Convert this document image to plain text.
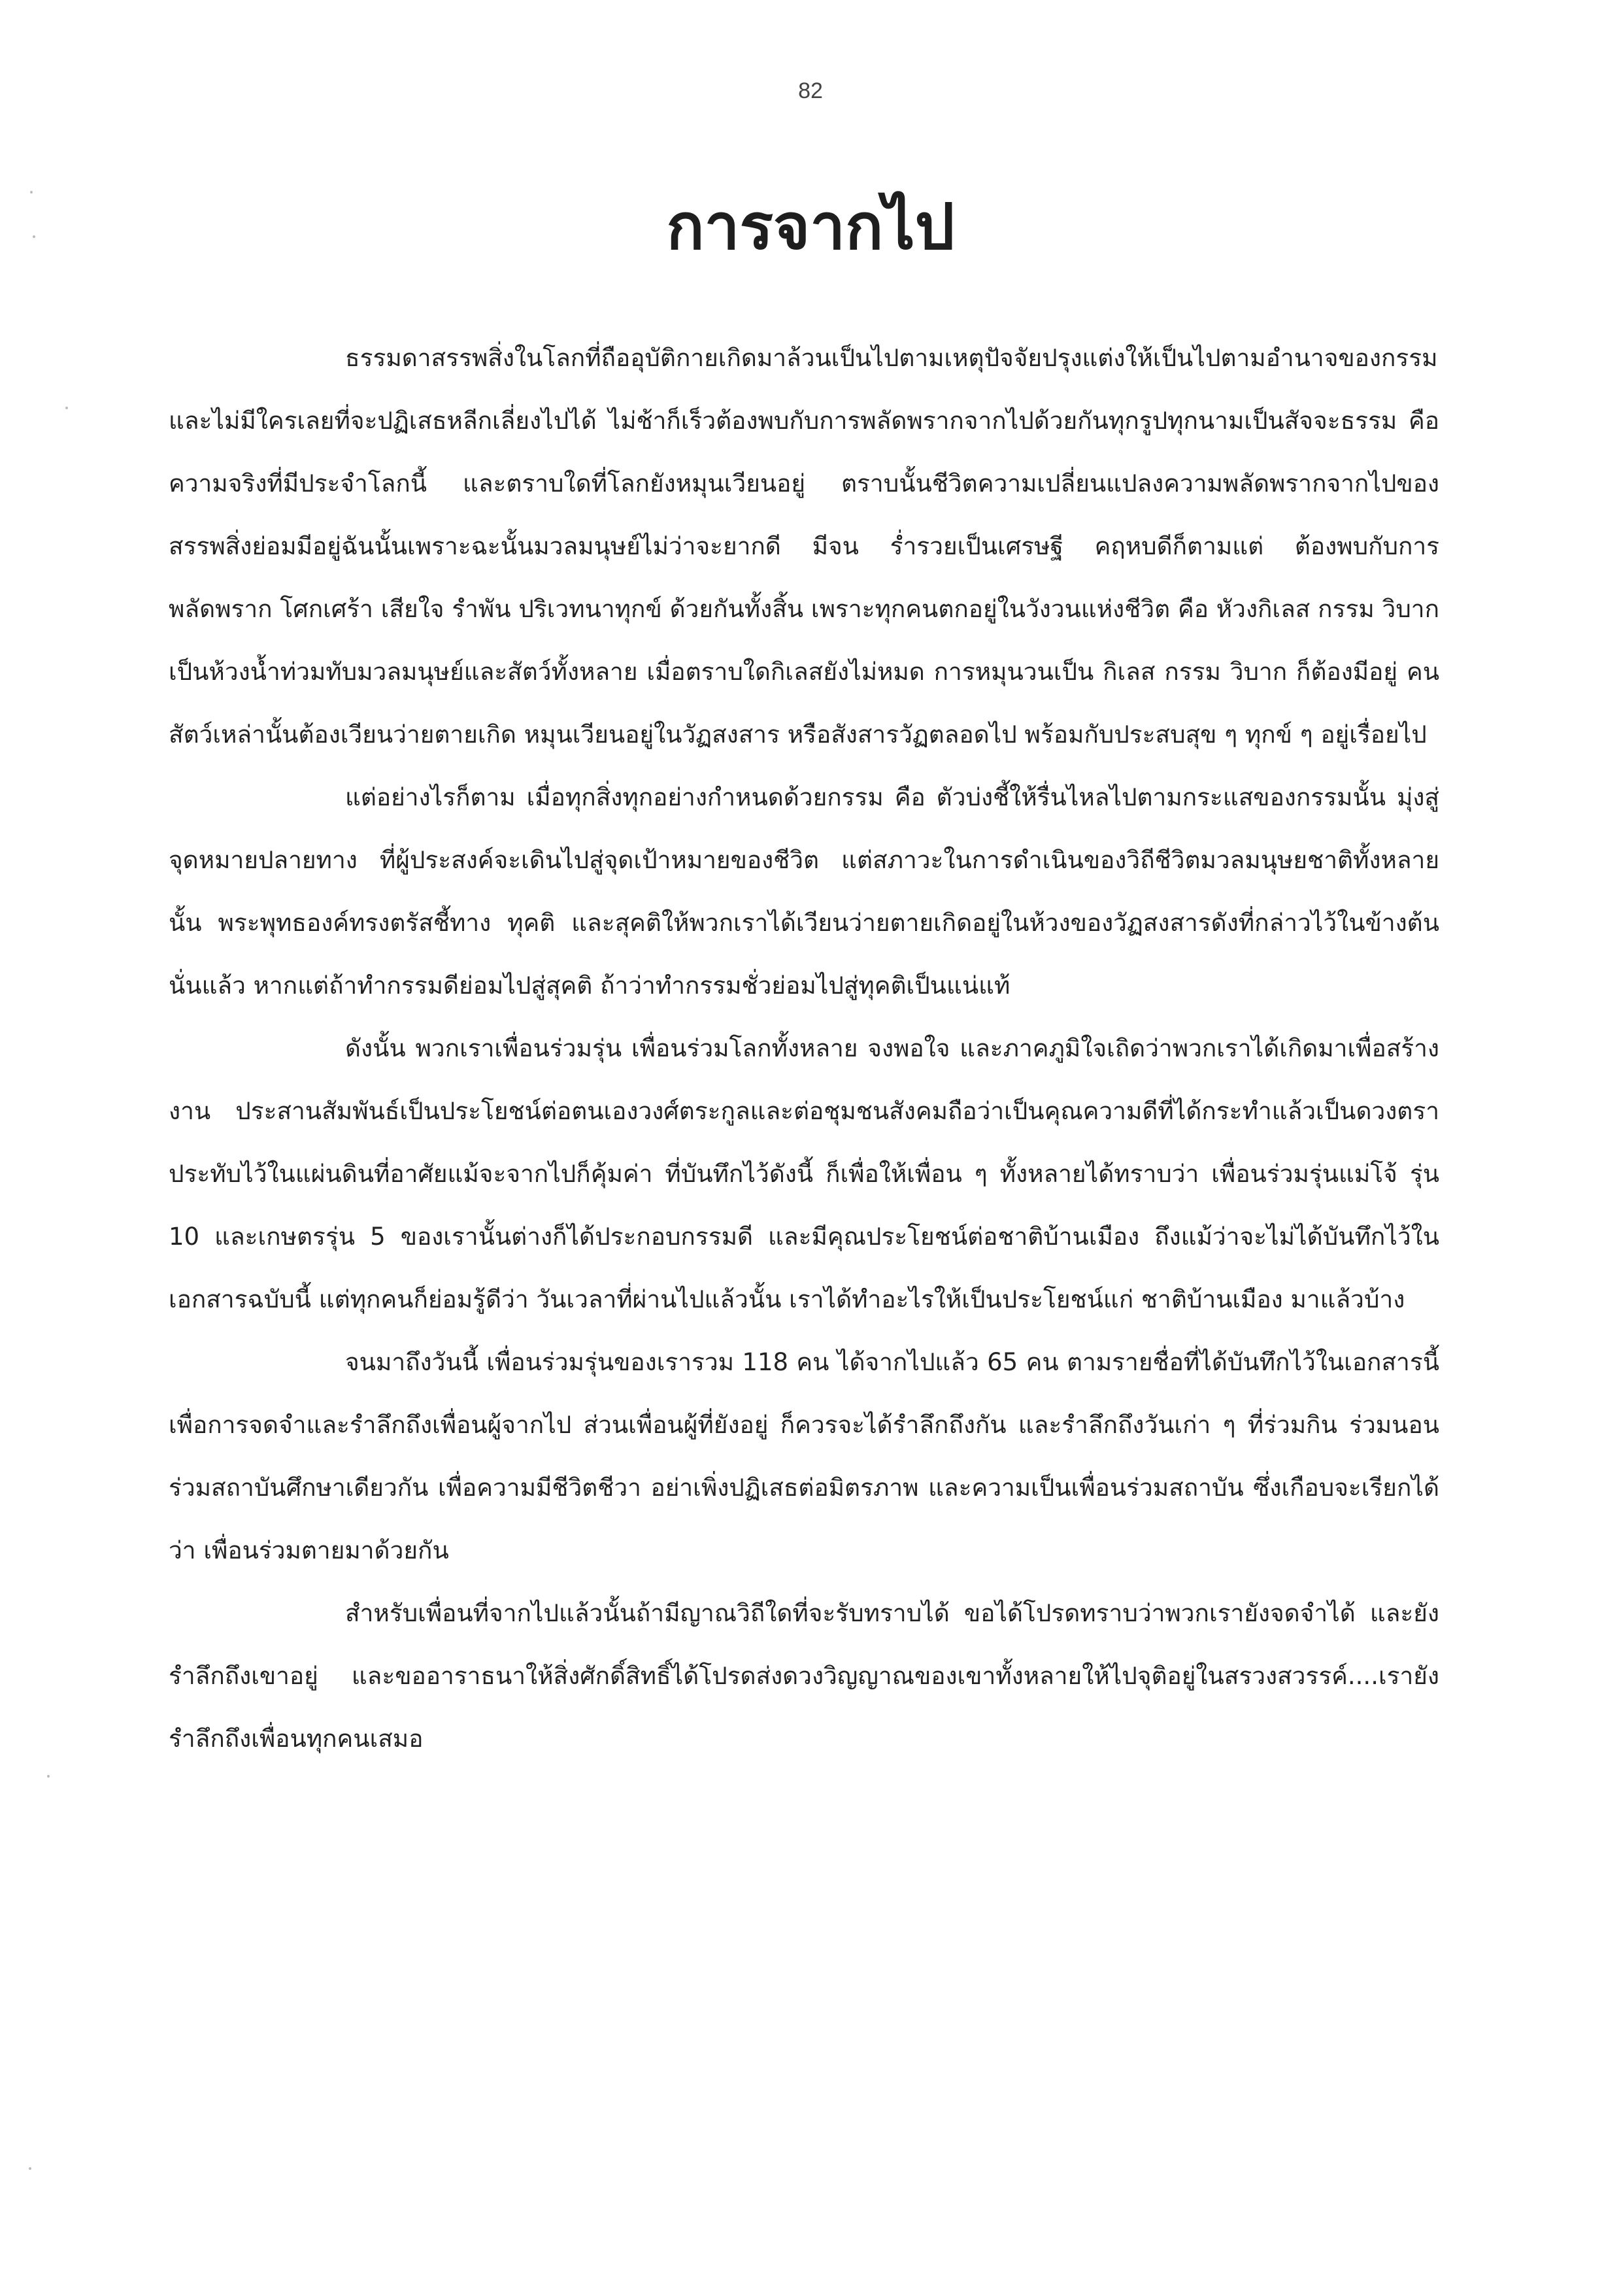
82
การจากไป

ธรรมดาสรรพสิ่งในโลกที่ถืออุบัติกายเกิดมาล้วนเป็นไปตามเหตุปัจจัยปรุงแต่งให้เป็นไปตามอำนาจของกรรม และไม่มีใครเลยที่จะปฏิเสธหลีกเลี่ยงไปได้ ไม่ช้าก็เร็วต้องพบกับการพลัดพรากจากไปด้วยกันทุกรูปทุกนามเป็นสัจจะธรรม คือความจริงที่มีประจำโลกนี้ และตราบใดที่โลกยังหมุนเวียนอยู่ ตราบนั้นชีวิตความเปลี่ยนแปลงความพลัดพรากจากไปของสรรพสิ่งย่อมมีอยู่ฉันนั้นเพราะฉะนั้นมวลมนุษย์ไม่ว่าจะยากดี มีจน ร่ำรวยเป็นเศรษฐี คฤหบดีก็ตามแต่ ต้องพบกับการพลัดพราก โศกเศร้า เสียใจ รำพัน ปริเวทนาทุกข์ ด้วยกันทั้งสิ้น เพราะทุกคนตกอยู่ในวังวนแห่งชีวิต คือ หัวงกิเลส กรรม วิบาก เป็นห้วงน้ำท่วมทับมวลมนุษย์และสัตว์ทั้งหลาย เมื่อตราบใดกิเลสยังไม่หมด การหมุนวนเป็น กิเลส กรรม วิบาก ก็ต้องมีอยู่ คนสัตว์เหล่านั้นต้องเวียนว่ายตายเกิด หมุนเวียนอยู่ในวัฏสงสาร หรือสังสารวัฏตลอดไป พร้อมกับประสบสุข ๆ ทุกข์ ๆ อยู่เรื่อยไป

แต่อย่างไรก็ตาม เมื่อทุกสิ่งทุกอย่างกำหนดด้วยกรรม คือ ตัวบ่งชี้ให้รื่นไหลไปตามกระแสของกรรมนั้น มุ่งสู่จุดหมายปลายทาง ที่ผู้ประสงค์จะเดินไปสู่จุดเป้าหมายของชีวิต แต่สภาวะในการดำเนินของวิถีชีวิตมวลมนุษยชาติทั้งหลายนั้น พระพุทธองค์ทรงตรัสชี้ทาง ทุคติ และสุคติให้พวกเราได้เวียนว่ายตายเกิดอยู่ในห้วงของวัฏสงสารดังที่กล่าวไว้ในข้างต้นนั่นแล้ว หากแต่ถ้าทำกรรมดีย่อมไปสู่สุคติ ถ้าว่าทำกรรมชั่วย่อมไปสู่ทุคติเป็นแน่แท้

ดังนั้น พวกเราเพื่อนร่วมรุ่น เพื่อนร่วมโลกทั้งหลาย จงพอใจ และภาคภูมิใจเถิดว่าพวกเราได้เกิดมาเพื่อสร้างงาน ประสานสัมพันธ์เป็นประโยชน์ต่อตนเองวงศ์ตระกูลและต่อชุมชนสังคมถือว่าเป็นคุณความดีที่ได้กระทำแล้วเป็นดวงตราประทับไว้ในแผ่นดินที่อาศัยแม้จะจากไปก็คุ้มค่า ที่บันทึกไว้ดังนี้ ก็เพื่อให้เพื่อน ๆ ทั้งหลายได้ทราบว่า เพื่อนร่วมรุ่นแม่โจ้ รุ่น 10 และเกษตรรุ่น 5 ของเรานั้นต่างก็ได้ประกอบกรรมดี และมีคุณประโยชน์ต่อชาติบ้านเมือง ถึงแม้ว่าจะไม่ได้บันทึกไว้ในเอกสารฉบับนี้ แต่ทุกคนก็ย่อมรู้ดีว่า วันเวลาที่ผ่านไปแล้วนั้น เราได้ทำอะไรให้เป็นประโยชน์แก่ ชาติบ้านเมือง มาแล้วบ้าง

จนมาถึงวันนี้ เพื่อนร่วมรุ่นของเรารวม 118 คน ได้จากไปแล้ว 65 คน ตามรายชื่อที่ได้บันทึกไว้ในเอกสารนี้ เพื่อการจดจำและรำลึกถึงเพื่อนผู้จากไป ส่วนเพื่อนผู้ที่ยังอยู่ ก็ควรจะได้รำลึกถึงกัน และรำลึกถึงวันเก่า ๆ ที่ร่วมกิน ร่วมนอน ร่วมสถาบันศึกษาเดียวกัน เพื่อความมีชีวิตชีวา อย่าเพิ่งปฏิเสธต่อมิตรภาพ และความเป็นเพื่อนร่วมสถาบัน ซึ่งเกือบจะเรียกได้ว่า เพื่อนร่วมตายมาด้วยกัน

สำหรับเพื่อนที่จากไปแล้วนั้นถ้ามีญาณวิถีใดที่จะรับทราบได้ ขอได้โปรดทราบว่าพวกเรายังจดจำได้ และยังรำลึกถึงเขาอยู่ และขออาราธนาให้สิ่งศักดิ์สิทธิ์ได้โปรดส่งดวงวิญญาณของเขาทั้งหลายให้ไปจุติอยู่ในสรวงสวรรค์....เรายังรำลึกถึงเพื่อนทุกคนเสมอ
